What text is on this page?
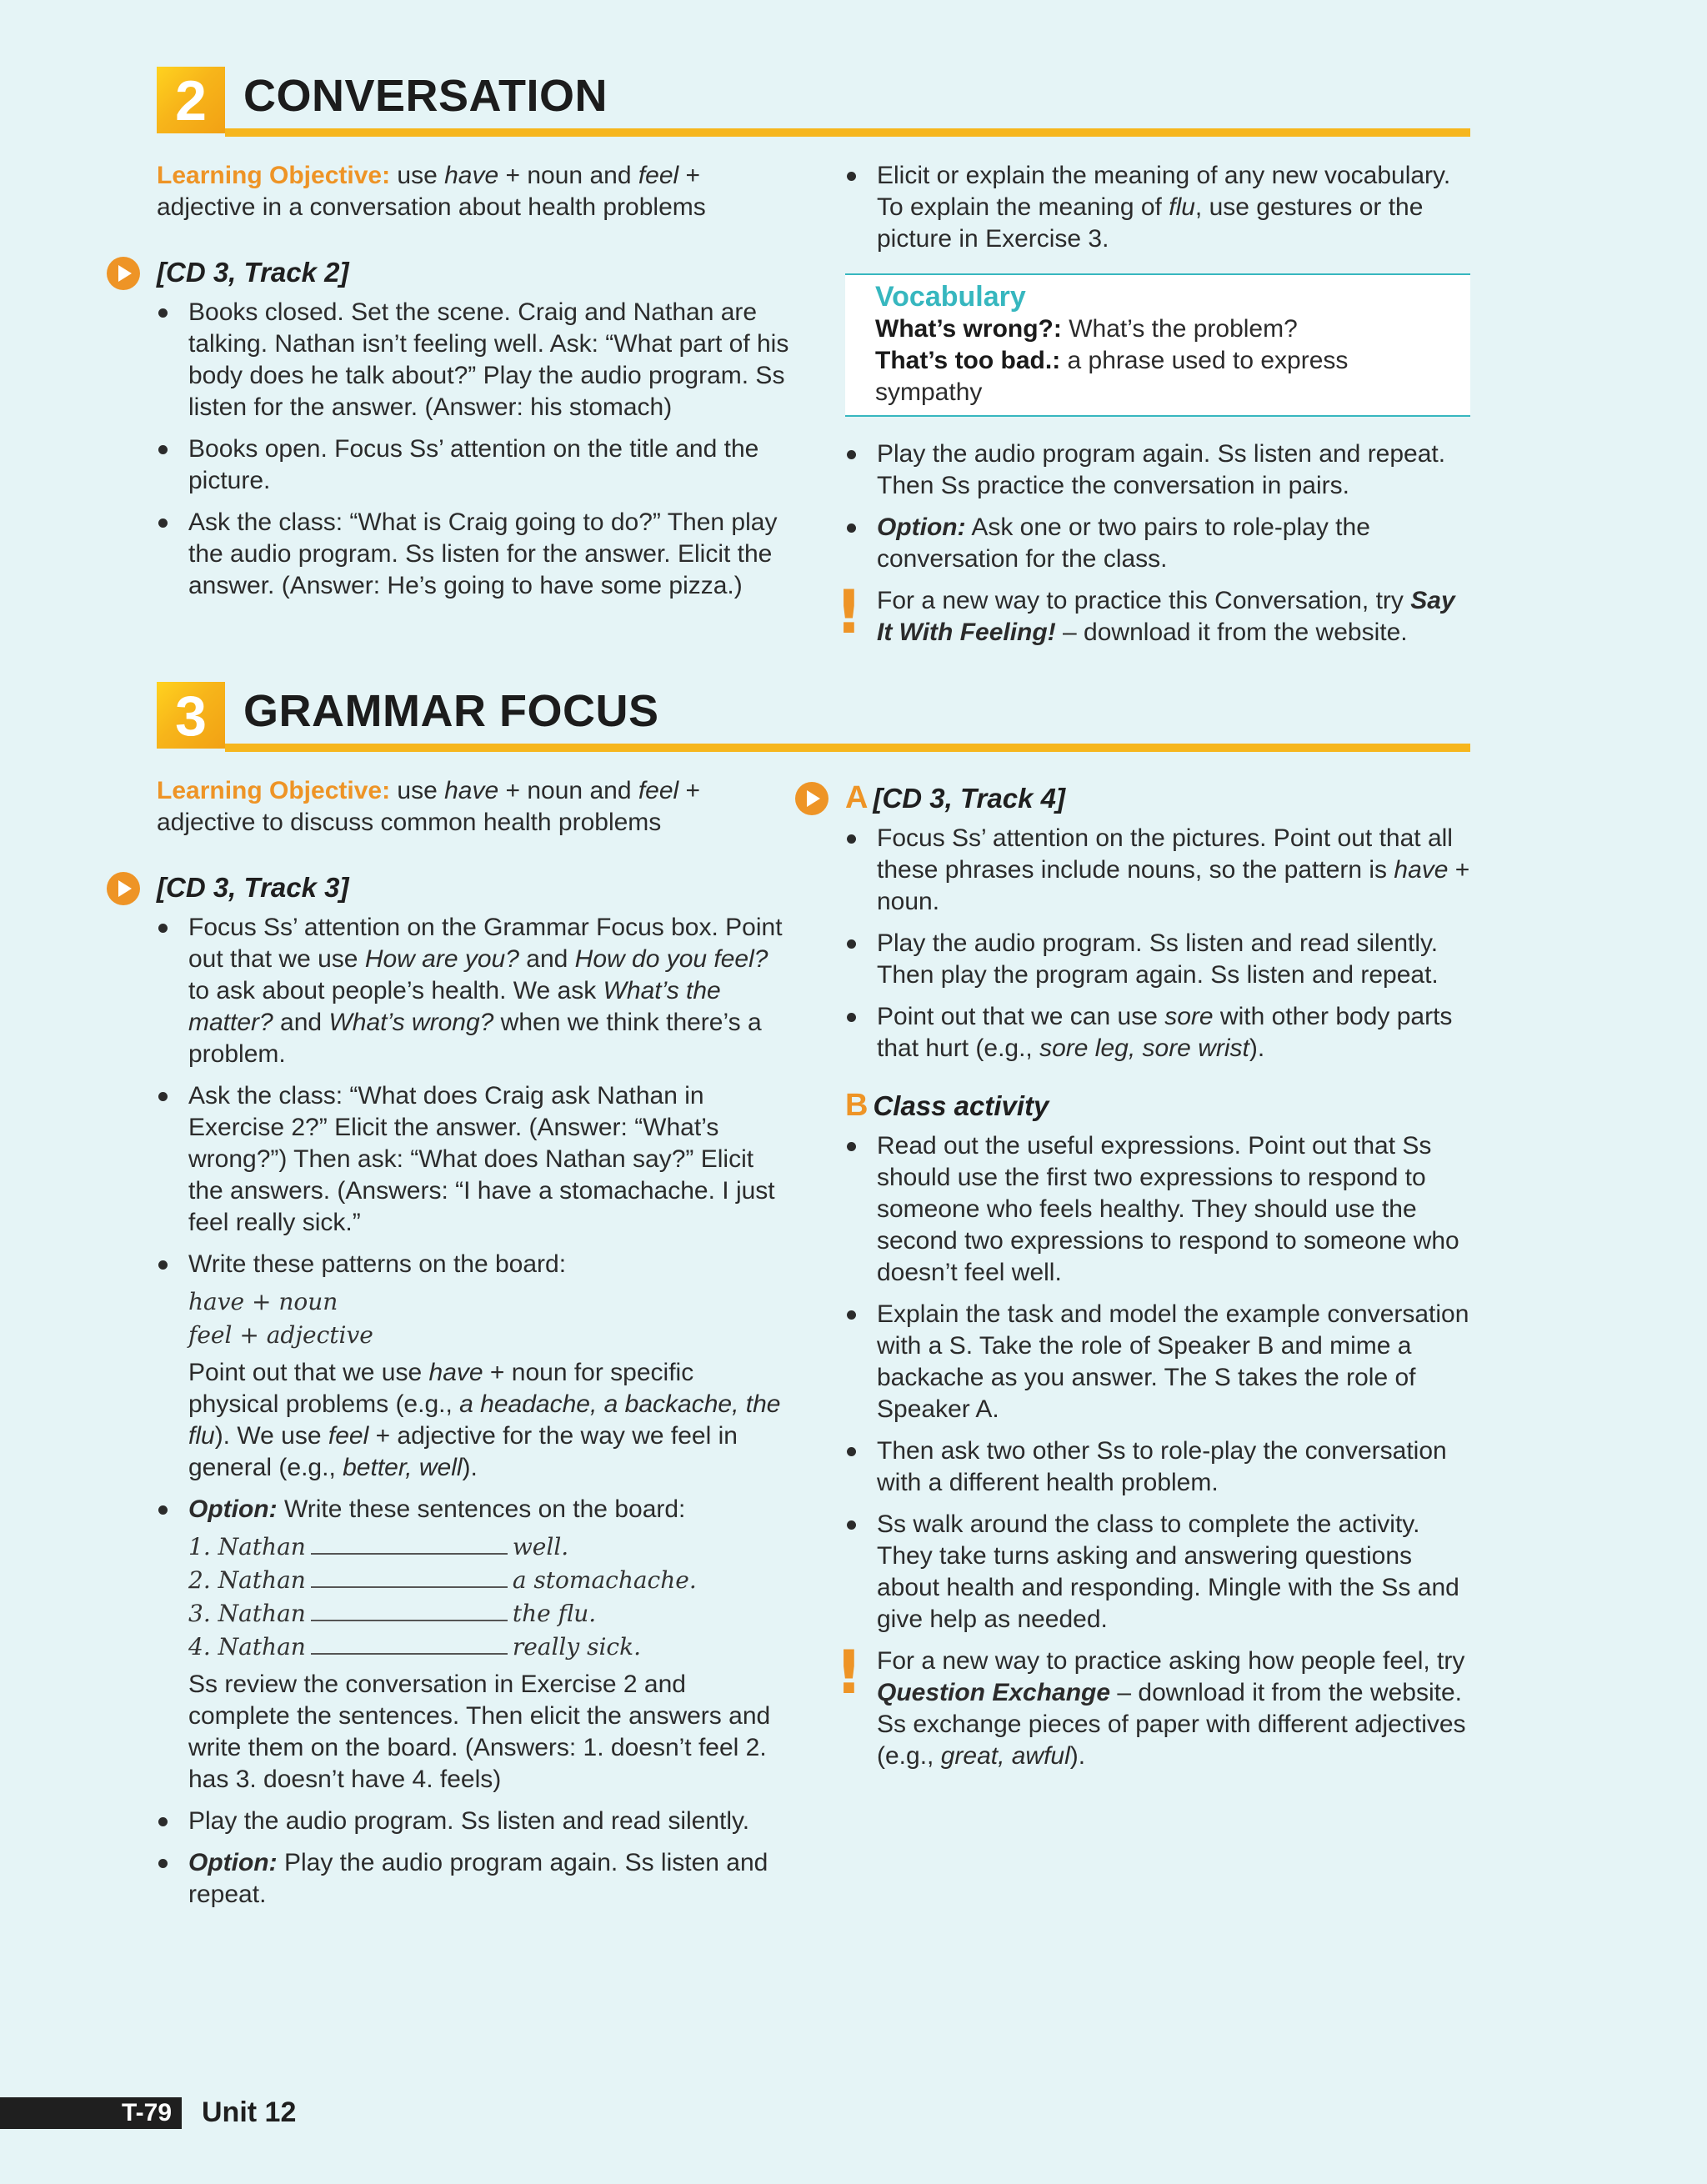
2 CONVERSATION

Learning Objective: use have + noun and feel +
adjective in a conversation about health problems

[CD 3, Track 2]
Books closed. Set the scene. Craig and Nathan are talking. Nathan isn’t feeling well. Ask: “What part of his body does he talk about?” Play the audio program. Ss listen for the answer. (Answer: his stomach)
Books open. Focus Ss’ attention on the title and the picture.
Ask the class: “What is Craig going to do?” Then play the audio program. Ss listen for the answer. Elicit the answer. (Answer: He’s going to have some pizza.)
Elicit or explain the meaning of any new vocabulary. To explain the meaning of flu, use gestures or the picture in Exercise 3.
Vocabulary
What’s wrong?: What’s the problem?
That’s too bad.: a phrase used to express sympathy
Play the audio program again. Ss listen and repeat. Then Ss practice the conversation in pairs.
Option: Ask one or two pairs to role-play the conversation for the class.
! For a new way to practice this Conversation, try Say It With Feeling! – download it from the website.
3 GRAMMAR FOCUS

Learning Objective: use have + noun and feel +
adjective to discuss common health problems

[CD 3, Track 3]
Focus Ss’ attention on the Grammar Focus box. Point out that we use How are you? and How do you feel? to ask about people’s health. We ask What’s the matter? and What’s wrong? when we think there’s a problem.
Ask the class: “What does Craig ask Nathan in Exercise 2?” Elicit the answer. (Answer: “What’s wrong?”) Then ask: “What does Nathan say?” Elicit the answers. (Answers: “I have a stomachache. I just feel really sick.”
Write these patterns on the board:
have + noun
feel + adjective
Point out that we use have + noun for specific physical problems (e.g., a headache, a backache, the flu). We use feel + adjective for the way we feel in general (e.g., better, well).
Option: Write these sentences on the board:
1. Nathan	well.
2. Nathan	a stomachache.
3. Nathan	the flu.
4. Nathan	really sick.
Ss review the conversation in Exercise 2 and complete the sentences. Then elicit the answers and write them on the board. (Answers: 1. doesn’t feel 2. has 3. doesn’t have 4. feels)
Play the audio program. Ss listen and read silently.
Option: Play the audio program again. Ss listen and repeat.
A [CD 3, Track 4]
Focus Ss’ attention on the pictures. Point out that all these phrases include nouns, so the pattern is have + noun.
Play the audio program. Ss listen and read silently. Then play the program again. Ss listen and repeat.
Point out that we can use sore with other body parts that hurt (e.g., sore leg, sore wrist).
B Class activity
Read out the useful expressions. Point out that Ss should use the first two expressions to respond to someone who feels healthy. They should use the second two expressions to respond to someone who doesn’t feel well.
Explain the task and model the example conversation with a S. Take the role of Speaker B and mime a backache as you answer. The S takes the role of Speaker A.
Then ask two other Ss to role-play the conversation with a different health problem.
Ss walk around the class to complete the activity. They take turns asking and answering questions about health and responding. Mingle with the Ss and give help as needed.
! For a new way to practice asking how people feel, try Question Exchange – download it from the website. Ss exchange pieces of paper with different adjectives (e.g., great, awful).
T-79	Unit 12
